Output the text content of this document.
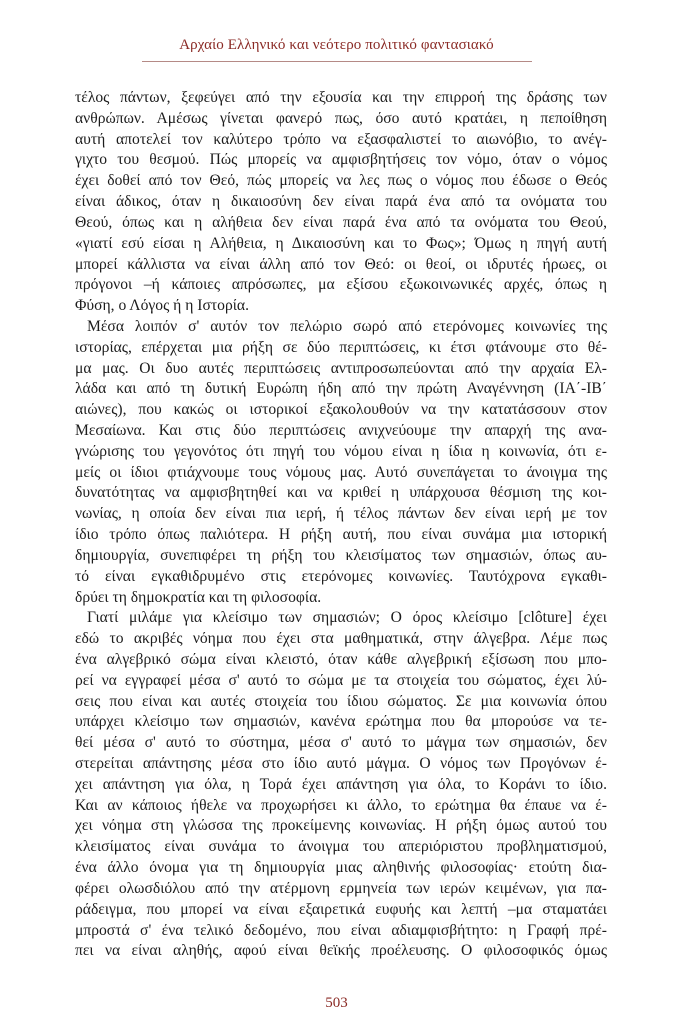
Αρχαίο Ελληνικό και νεότερο πολιτικό φαντασιακό
τέλος πάντων, ξεφεύγει από την εξουσία και την επιρροή της δράσης των
ανθρώπων. Αμέσως γίνεται φανερό πως, όσο αυτό κρατάει, η πεποίθηση
αυτή αποτελεί τον καλύτερο τρόπο να εξασφαλιστεί το αιωνόβιο, το ανέγ-
γιχτο του θεσμού. Πώς μπορείς να αμφισβητήσεις τον νόμο, όταν ο νόμος
έχει δοθεί από τον Θεό, πώς μπορείς να λες πως ο νόμος που έδωσε ο Θεός
είναι άδικος, όταν η δικαιοσύνη δεν είναι παρά ένα από τα ονόματα του
Θεού, όπως και η αλήθεια δεν είναι παρά ένα από τα ονόματα του Θεού,
«γιατί εσύ είσαι η Αλήθεια, η Δικαιοσύνη και το Φως»; Όμως η πηγή αυτή
μπορεί κάλλιστα να είναι άλλη από τον Θεό: οι θεοί, οι ιδρυτές ήρωες, οι
πρόγονοι –ή κάποιες απρόσωπες, μα εξίσου εξωκοινωνικές αρχές, όπως η
Φύση, ο Λόγος ή η Ιστορία.
Μέσα λοιπόν σ' αυτόν τον πελώριο σωρό από ετερόνομες κοινωνίες της
ιστορίας, επέρχεται μια ρήξη σε δύο περιπτώσεις, κι έτσι φτάνουμε στο θέ-
μα μας. Οι δυο αυτές περιπτώσεις αντιπροσωπεύονται από την αρχαία Ελ-
λάδα και από τη δυτική Ευρώπη ήδη από την πρώτη Αναγέννηση (ΙΑ΄-ΙΒ΄
αιώνες), που κακώς οι ιστορικοί εξακολουθούν να την κατατάσσουν στον
Μεσαίωνα. Και στις δύο περιπτώσεις ανιχνεύουμε την απαρχή της ανα-
γνώρισης του γεγονότος ότι πηγή του νόμου είναι η ίδια η κοινωνία, ότι ε-
μείς οι ίδιοι φτιάχνουμε τους νόμους μας. Αυτό συνεπάγεται το άνοιγμα της
δυνατότητας να αμφισβητηθεί και να κριθεί η υπάρχουσα θέσμιση της κοι-
νωνίας, η οποία δεν είναι πια ιερή, ή τέλος πάντων δεν είναι ιερή με τον
ίδιο τρόπο όπως παλιότερα. Η ρήξη αυτή, που είναι συνάμα μια ιστορική
δημιουργία, συνεπιφέρει τη ρήξη του κλεισίματος των σημασιών, όπως αυ-
τό είναι εγκαθιδρυμένο στις ετερόνομες κοινωνίες. Ταυτόχρονα εγκαθι-
δρύει τη δημοκρατία και τη φιλοσοφία.
Γιατί μιλάμε για κλείσιμο των σημασιών; Ο όρος κλείσιμο [clôture] έχει
εδώ το ακριβές νόημα που έχει στα μαθηματικά, στην άλγεβρα. Λέμε πως
ένα αλγεβρικό σώμα είναι κλειστό, όταν κάθε αλγεβρική εξίσωση που μπο-
ρεί να εγγραφεί μέσα σ' αυτό το σώμα με τα στοιχεία του σώματος, έχει λύ-
σεις που είναι και αυτές στοιχεία του ίδιου σώματος. Σε μια κοινωνία όπου
υπάρχει κλείσιμο των σημασιών, κανένα ερώτημα που θα μπορούσε να τε-
θεί μέσα σ' αυτό το σύστημα, μέσα σ' αυτό το μάγμα των σημασιών, δεν
στερείται απάντησης μέσα στο ίδιο αυτό μάγμα. Ο νόμος των Προγόνων έ-
χει απάντηση για όλα, η Τορά έχει απάντηση για όλα, το Κοράνι το ίδιο.
Και αν κάποιος ήθελε να προχωρήσει κι άλλο, το ερώτημα θα έπαυε να έ-
χει νόημα στη γλώσσα της προκείμενης κοινωνίας. Η ρήξη όμως αυτού του
κλεισίματος είναι συνάμα το άνοιγμα του απεριόριστου προβληματισμού,
ένα άλλο όνομα για τη δημιουργία μιας αληθινής φιλοσοφίας· ετούτη δια-
φέρει ολωσδιόλου από την ατέρμονη ερμηνεία των ιερών κειμένων, για πα-
ράδειγμα, που μπορεί να είναι εξαιρετικά ευφυής και λεπτή –μα σταματάει
μπροστά σ' ένα τελικό δεδομένο, που είναι αδιαμφισβήτητο: η Γραφή πρέ-
πει να είναι αληθής, αφού είναι θεϊκής προέλευσης. Ο φιλοσοφικός όμως
503
